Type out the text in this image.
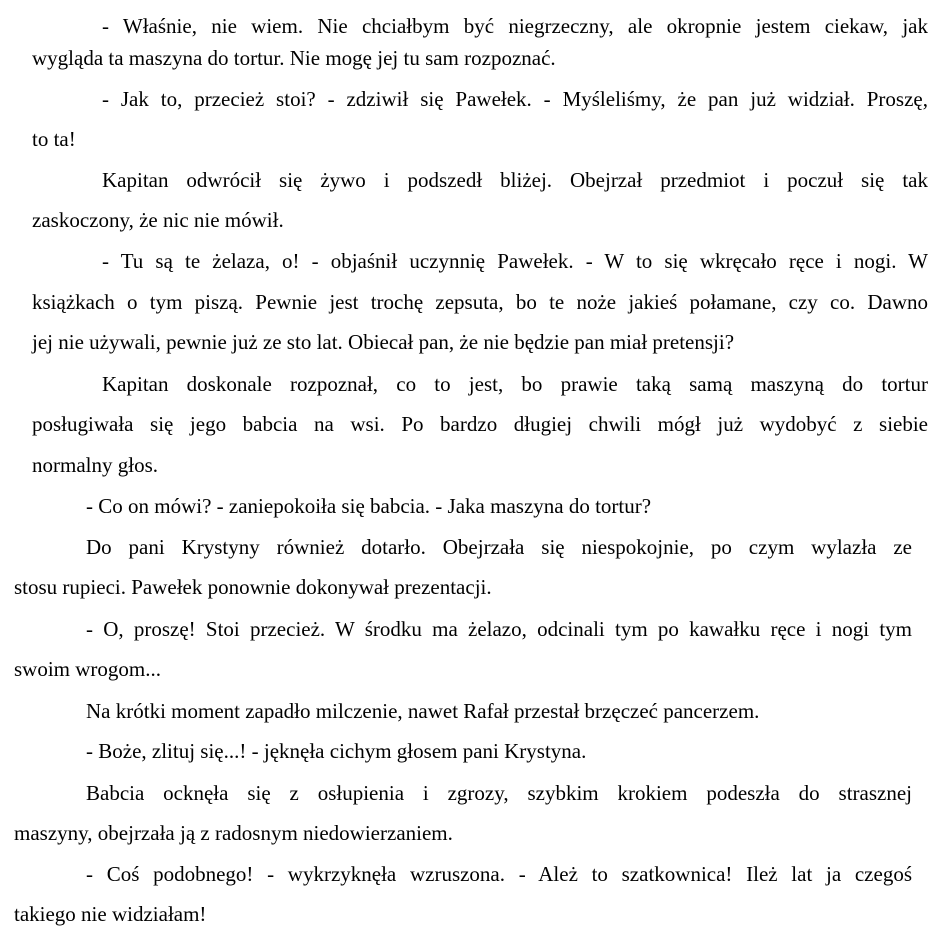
- Właśnie, nie wiem. Nie chciałbym być niegrzeczny, ale okropnie jestem ciekaw, jak
wygląda ta maszyna do tortur. Nie mogę jej tu sam rozpoznać.
- Jak to, przecież stoi? - zdziwił się Pawełek. - Myśleliśmy, że pan już widział. Proszę,
to ta!
Kapitan odwrócił się żywo i podszedł bliżej. Obejrzał przedmiot i poczuł się tak
zaskoczony, że nic nie mówił.
- Tu są te żelaza, o! - objaśnił uczynnię Pawełek. - W to się wkręcało ręce i nogi. W
książkach o tym piszą. Pewnie jest trochę zepsuta, bo te noże jakieś połamane, czy co. Dawno
jej nie używali, pewnie już ze sto lat. Obiecał pan, że nie będzie pan miał pretensji?
Kapitan doskonale rozpoznał, co to jest, bo prawie taką samą maszyną do tortur
posługiwała się jego babcia na wsi. Po bardzo długiej chwili mógł już wydobyć z siebie
normalny głos.
- Co on mówi? - zaniepokoiła się babcia. - Jaka maszyna do tortur?
Do pani Krystyny również dotarło. Obejrzała się niespokojnie, po czym wylazła ze
stosu rupieci. Pawełek ponownie dokonywał prezentacji.
- O, proszę! Stoi przecież. W środku ma żelazo, odcinali tym po kawałku ręce i nogi tym
swoim wrogom...
Na krótki moment zapadło milczenie, nawet Rafał przestał brzęczeć pancerzem.
- Boże, zlituj się...! - jęknęła cichym głosem pani Krystyna.
Babcia ocknęła się z osłupienia i zgrozy, szybkim krokiem podeszła do strasznej
maszyny, obejrzała ją z radosnym niedowierzaniem.
- Coś podobnego! - wykrzyknęła wzruszona. - Ależ to szatkownica! Ileż lat ja czegoś
takiego nie widziałam!
